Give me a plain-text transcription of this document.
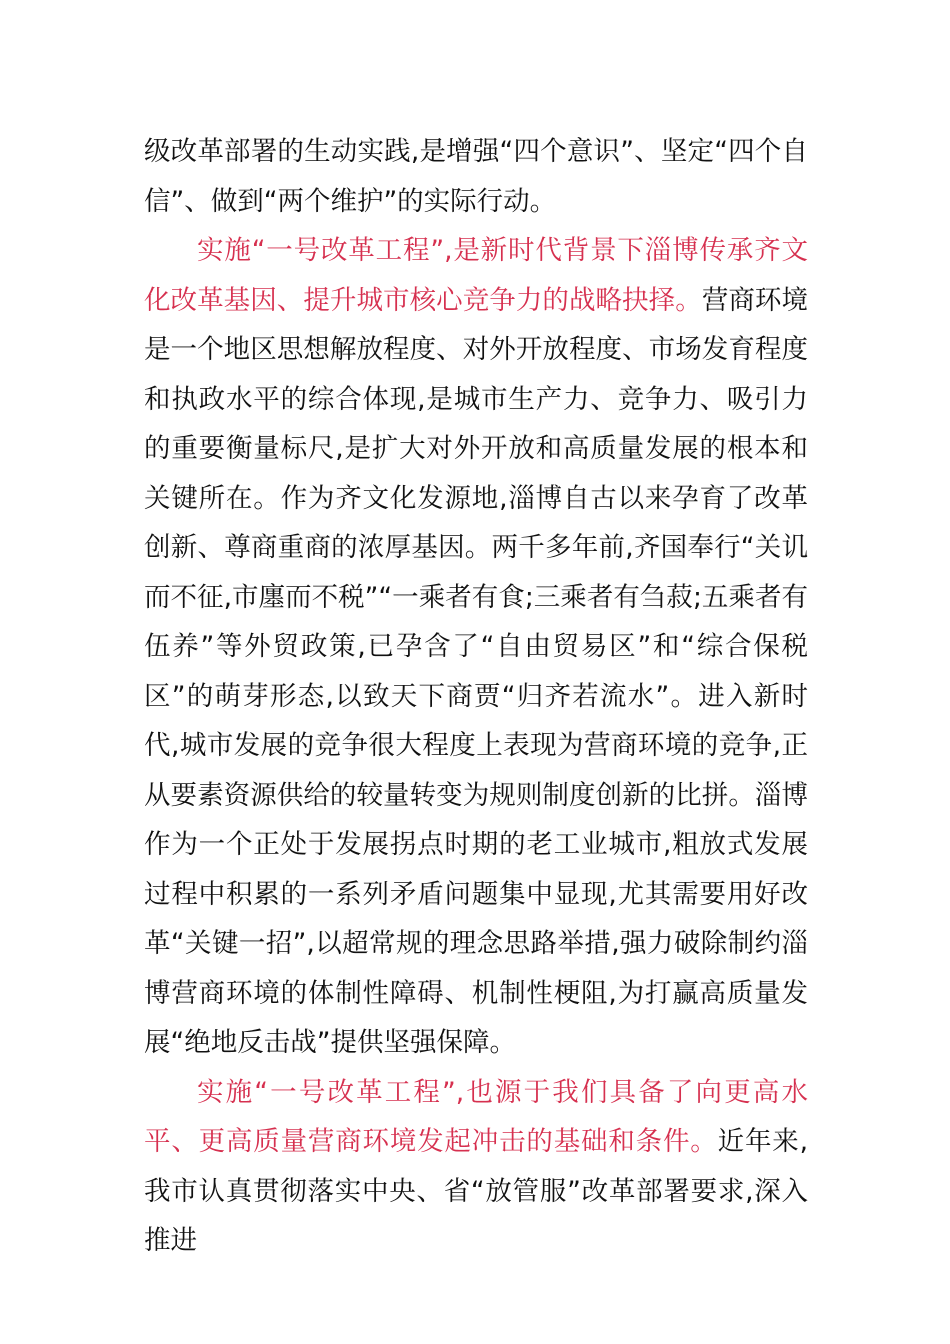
级改革部署的生动实践,是增强“四个意识”、坚定“四个自信”、做到“两个维护”的实际行动。

实施“一号改革工程”,是新时代背景下淄博传承齐文化改革基因、提升城市核心竞争力的战略抉择。营商环境是一个地区思想解放程度、对外开放程度、市场发育程度和执政水平的综合体现,是城市生产力、竞争力、吸引力的重要衡量标尺,是扩大对外开放和高质量发展的根本和关键所在。作为齐文化发源地,淄博自古以来孕育了改革创新、尊商重商的浓厚基因。两千多年前,齐国奉行“关讥而不征,市廛而不税”“一乘者有食;三乘者有刍菽;五乘者有伍养”等外贸政策,已孕含了“自由贸易区”和“综合保税区”的萌芽形态,以致天下商贾“归齐若流水”。进入新时代,城市发展的竞争很大程度上表现为营商环境的竞争,正从要素资源供给的较量转变为规则制度创新的比拼。淄博作为一个正处于发展拐点时期的老工业城市,粗放式发展过程中积累的一系列矛盾问题集中显现,尤其需要用好改革“关键一招”,以超常规的理念思路举措,强力破除制约淄博营商环境的体制性障碍、机制性梗阻,为打赢高质量发展“绝地反击战”提供坚强保障。

实施“一号改革工程”,也源于我们具备了向更高水平、更高质量营商环境发起冲击的基础和条件。近年来,我市认真贯彻落实中央、省“放管服”改革部署要求,深入推进
